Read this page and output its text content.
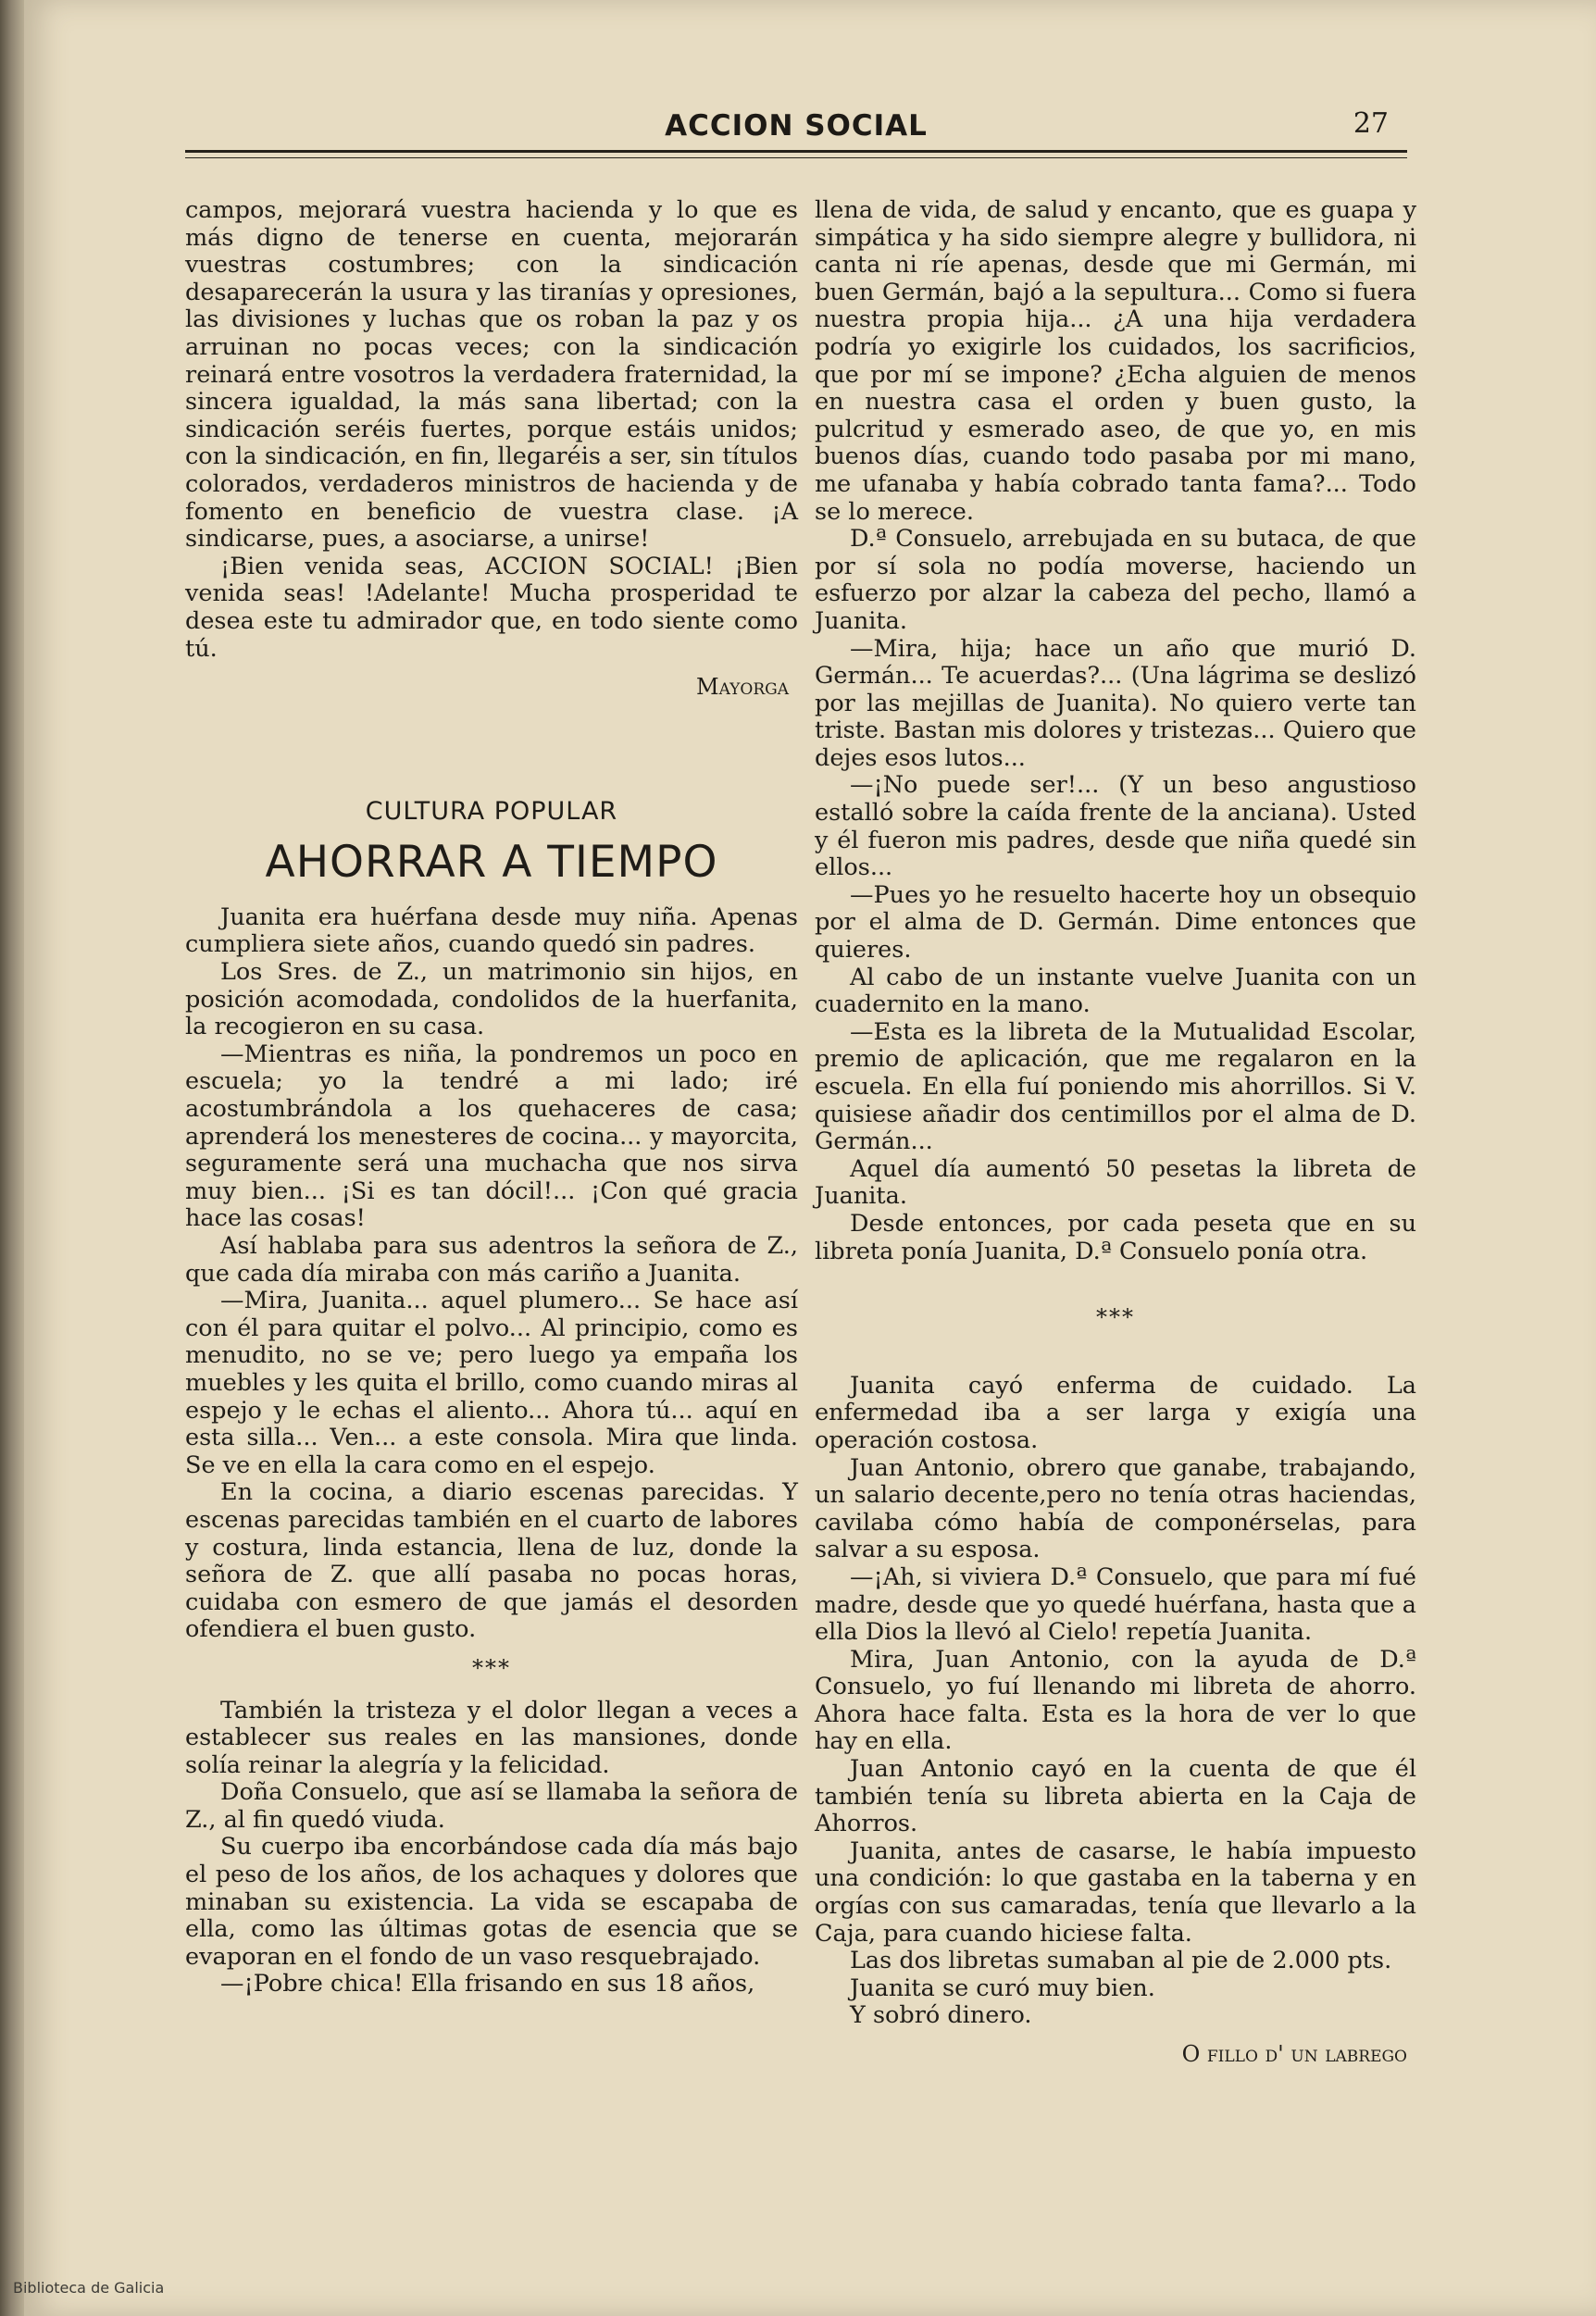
ACCION SOCIAL	27

campos, mejorará vuestra hacienda y lo que es más digno de tenerse en cuenta, mejorarán vuestras costumbres; con la sindicación desaparecerán la usura y las tiranías y opresiones, las divisiones y luchas que os roban la paz y os arruinan no pocas veces; con la sindicación reinará entre vosotros la verdadera fraternidad, la sincera igualdad, la más sana libertad; con la sindicación seréis fuertes, porque estáis unidos; con la sindicación, en fin, llegaréis a ser, sin títulos colorados, verdaderos ministros de hacienda y de fomento en beneficio de vuestra clase. ¡A sindicarse, pues, a asociarse, a unirse!

¡Bien venida seas, ACCION SOCIAL! ¡Bien venida seas! !Adelante! Mucha prosperidad te desea este tu admirador que, en todo siente como tú.

Mayorga
CULTURA POPULAR
AHORRAR A TIEMPO

Juanita era huérfana desde muy niña. Apenas cumpliera siete años, cuando quedó sin padres.

Los Sres. de Z., un matrimonio sin hijos, en posición acomodada, condolidos de la huerfanita, la recogieron en su casa.

—Mientras es niña, la pondremos un poco en escuela; yo la tendré a mi lado; iré acostumbrándola a los quehaceres de casa; aprenderá los menesteres de cocina... y mayorcita, seguramente será una muchacha que nos sirva muy bien... ¡Si es tan dócil!... ¡Con qué gracia hace las cosas!

Así hablaba para sus adentros la señora de Z., que cada día miraba con más cariño a Juanita.

—Mira, Juanita... aquel plumero... Se hace así con él para quitar el polvo... Al principio, como es menudito, no se ve; pero luego ya empaña los muebles y les quita el brillo, como cuando miras al espejo y le echas el aliento... Ahora tú... aquí en esta silla... Ven... a este consola. Mira que linda. Se ve en ella la cara como en el espejo.

En la cocina, a diario escenas parecidas. Y escenas parecidas también en el cuarto de labores y costura, linda estancia, llena de luz, donde la señora de Z. que allí pasaba no pocas horas, cuidaba con esmero de que jamás el desorden ofendiera el buen gusto.

***

También la tristeza y el dolor llegan a veces a establecer sus reales en las mansiones, donde solía reinar la alegría y la felicidad.

Doña Consuelo, que así se llamaba la señora de Z., al fin quedó viuda.

Su cuerpo iba encorbándose cada día más bajo el peso de los años, de los achaques y dolores que minaban su existencia. La vida se escapaba de ella, como las últimas gotas de esencia que se evaporan en el fondo de un vaso resquebrajado.

—¡Pobre chica! Ella frisando en sus 18 años,

llena de vida, de salud y encanto, que es guapa y simpática y ha sido siempre alegre y bullidora, ni canta ni ríe apenas, desde que mi Germán, mi buen Germán, bajó a la sepultura... Como si fuera nuestra propia hija... ¿A una hija verdadera podría yo exigirle los cuidados, los sacrificios, que por mí se impone? ¿Echa alguien de menos en nuestra casa el orden y buen gusto, la pulcritud y esmerado aseo, de que yo, en mis buenos días, cuando todo pasaba por mi mano, me ufanaba y había cobrado tanta fama?... Todo se lo merece.

D.ª Consuelo, arrebujada en su butaca, de que por sí sola no podía moverse, haciendo un esfuerzo por alzar la cabeza del pecho, llamó a Juanita.

—Mira, hija; hace un año que murió D. Germán... Te acuerdas?... (Una lágrima se deslizó por las mejillas de Juanita). No quiero verte tan triste. Bastan mis dolores y tristezas... Quiero que dejes esos lutos...

—¡No puede ser!... (Y un beso angustioso estalló sobre la caída frente de la anciana). Usted y él fueron mis padres, desde que niña quedé sin ellos...

—Pues yo he resuelto hacerte hoy un obsequio por el alma de D. Germán. Dime entonces que quieres.

Al cabo de un instante vuelve Juanita con un cuadernito en la mano.

—Esta es la libreta de la Mutualidad Escolar, premio de aplicación, que me regalaron en la escuela. En ella fuí poniendo mis ahorrillos. Si V. quisiese añadir dos centimillos por el alma de D. Germán...

Aquel día aumentó 50 pesetas la libreta de Juanita.

Desde entonces, por cada peseta que en su libreta ponía Juanita, D.ª Consuelo ponía otra.

***

Juanita cayó enferma de cuidado. La enfermedad iba a ser larga y exigía una operación costosa.

Juan Antonio, obrero que ganabe, trabajando, un salario decente,pero no tenía otras haciendas, cavilaba cómo había de componérselas, para salvar a su esposa.

—¡Ah, si viviera D.ª Consuelo, que para mí fué madre, desde que yo quedé huérfana, hasta que a ella Dios la llevó al Cielo! repetía Juanita.

Mira, Juan Antonio, con la ayuda de D.ª Consuelo, yo fuí llenando mi libreta de ahorro. Ahora hace falta. Esta es la hora de ver lo que hay en ella.

Juan Antonio cayó en la cuenta de que él también tenía su libreta abierta en la Caja de Ahorros.

Juanita, antes de casarse, le había impuesto una condición: lo que gastaba en la taberna y en orgías con sus camaradas, tenía que llevarlo a la Caja, para cuando hiciese falta.

Las dos libretas sumaban al pie de 2.000 pts.

Juanita se curó muy bien.

Y sobró dinero.

O fillo d' un labrego
Biblioteca de Galicia
